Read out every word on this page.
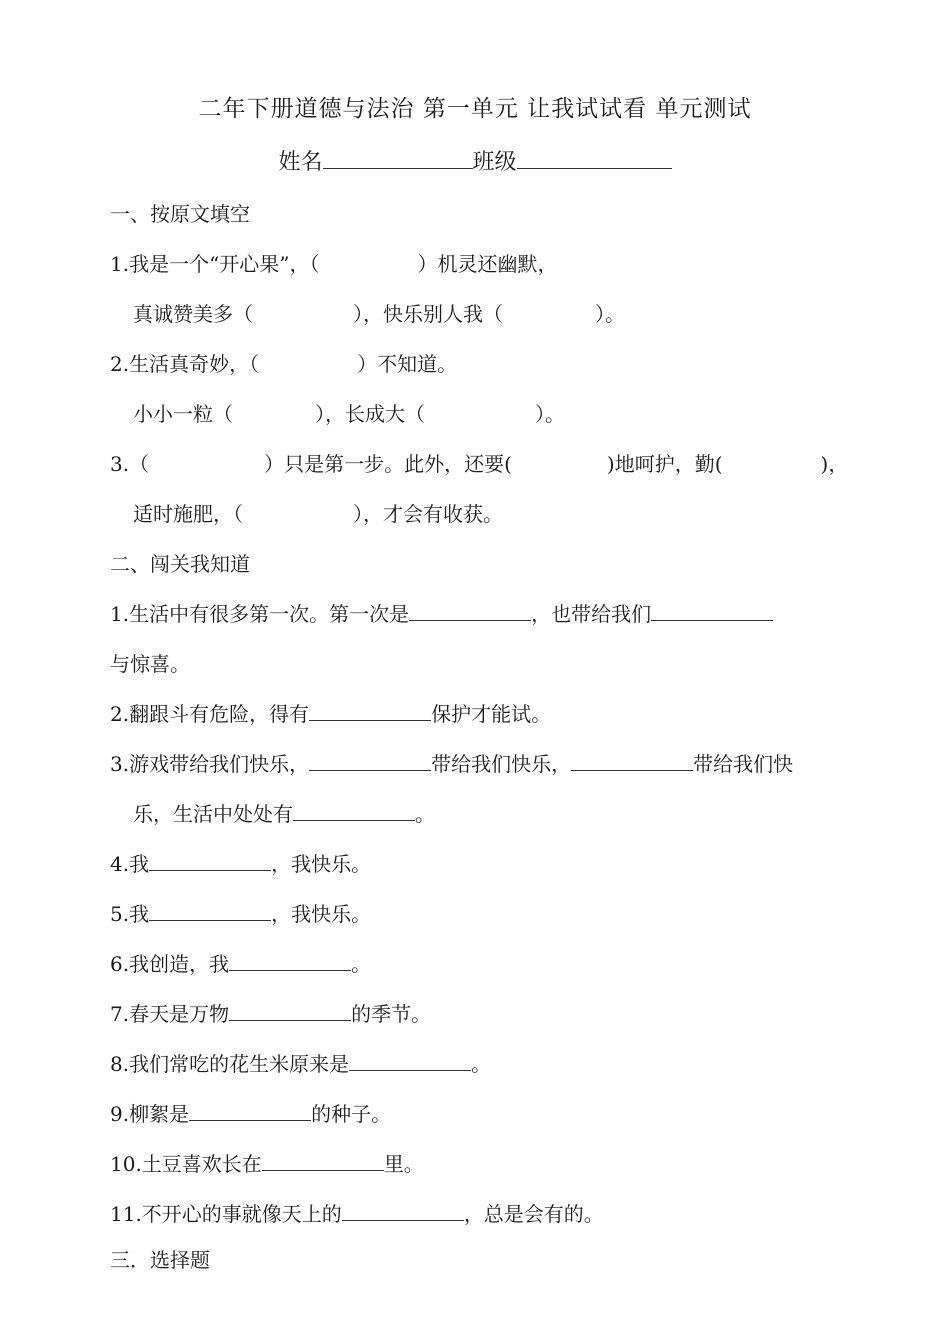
二年下册道德与法治 第一单元 让我试试看 单元测试
姓名	班级
一、按原文填空
1.我是一个“开心果”，（	）机灵还幽默，
真诚赞美多（	），快乐别人我（	）。
2.生活真奇妙，（	）不知道。
小小一粒（	），长成大（	）。
3.（	）只是第一步。此外，还要(	)地呵护，勤(	)，
适时施肥，（	），才会有收获。
二、闯关我知道
1.生活中有很多第一次。第一次是	，也带给我们
与惊喜。
2.翻跟斗有危险，得有	保护才能试。
3.游戏带给我们快乐，	带给我们快乐，	带给我们快
乐，生活中处处有	。
4.我	，我快乐。
5.我	，我快乐。
6.我创造，我	。
7.春天是万物	的季节。
8.我们常吃的花生米原来是	。
9.柳絮是	的种子。
10.土豆喜欢长在	里。
11.不开心的事就像天上的	，总是会有的。
三．选择题
